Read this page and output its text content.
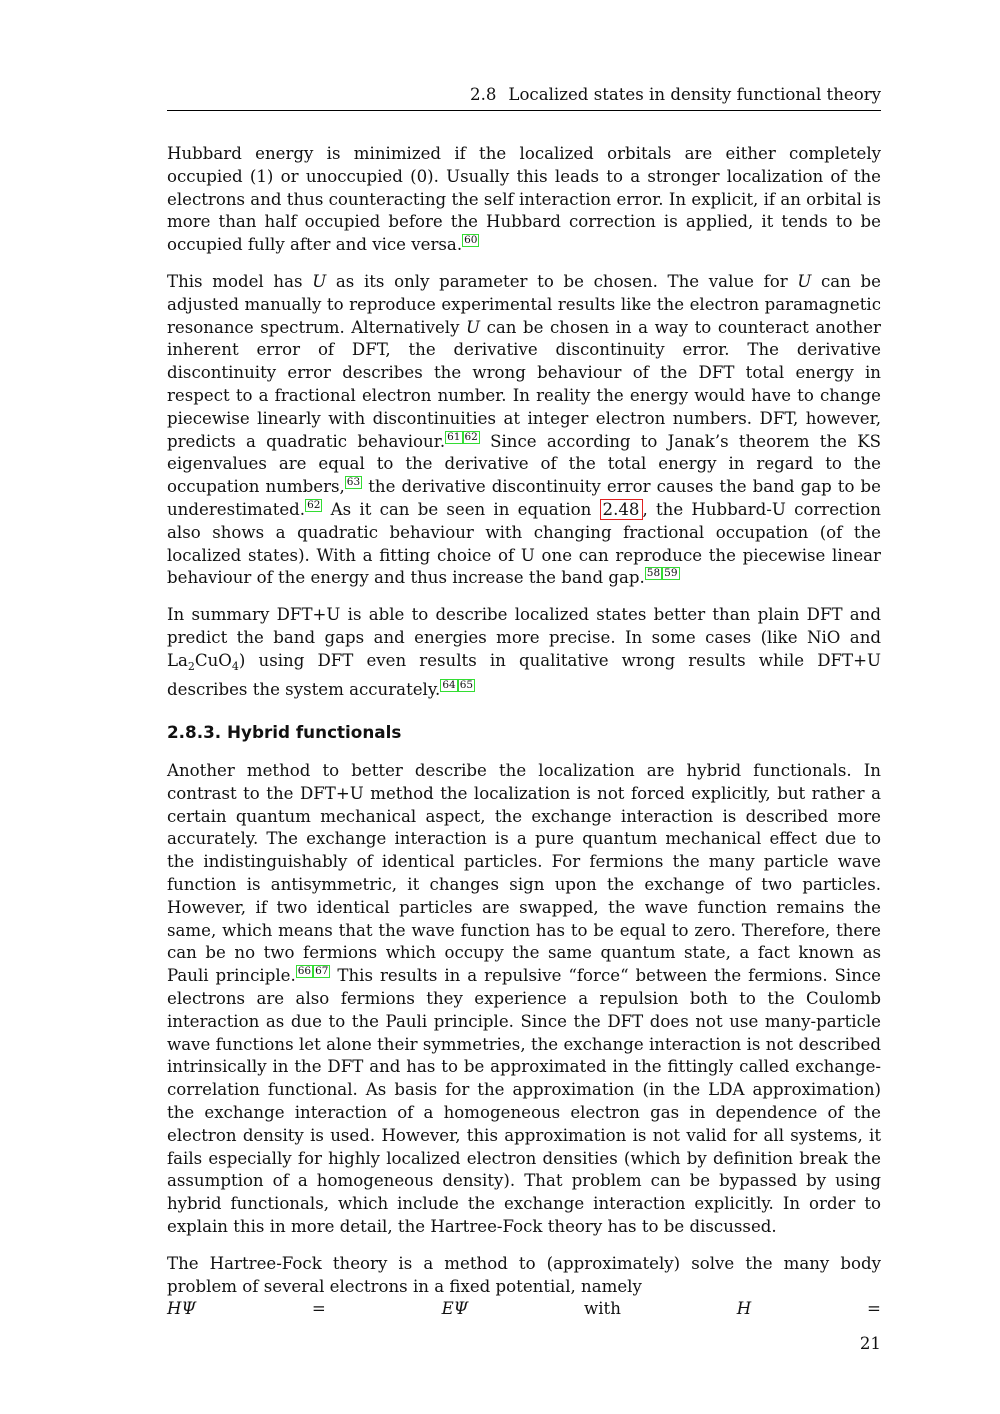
2.8 Localized states in density functional theory

Hubbard energy is minimized if the localized orbitals are either completely occupied (1) or unoccupied (0). Usually this leads to a stronger localization of the electrons and thus counteracting the self interaction error. In explicit, if an orbital is more than half occupied before the Hubbard correction is applied, it tends to be occupied fully after and vice versa. 60

This model has U as its only parameter to be chosen. The value for U can be adjusted manually to reproduce experimental results like the electron paramagnetic resonance spectrum. Alternatively U can be chosen in a way to counteract another inherent error of DFT, the derivative discontinuity error. The derivative discontinuity error describes the wrong behaviour of the DFT total energy in respect to a fractional electron number. In reality the energy would have to change piecewise linearly with discontinuities at integer electron numbers. DFT, however, predicts a quadratic behaviour. 61 62 Since according to Janak’s theorem the KS eigenvalues are equal to the derivative of the total energy in regard to the occupation numbers, 63 the derivative discontinuity error causes the band gap to be underestimated. 62 As it can be seen in equation 2.48 , the Hubbard-U correction also shows a quadratic behaviour with changing fractional occupation (of the localized states). With a fitting choice of U one can reproduce the piecewise linear behaviour of the energy and thus increase the band gap. 58 59

In summary DFT+U is able to describe localized states better than plain DFT and predict the band gaps and energies more precise. In some cases (like NiO and $La_2CuO_4$) using DFT even results in qualitative wrong results while DFT+U describes the system accurately. 64 65

2.8.3. Hybrid functionals

Another method to better describe the localization are hybrid functionals. In contrast to the DFT+U method the localization is not forced explicitly, but rather a certain quantum mechanical aspect, the exchange interaction is described more accurately. The exchange interaction is a pure quantum mechanical effect due to the indistinguishably of identical particles. For fermions the many particle wave function is antisymmetric, it changes sign upon the exchange of two particles. However, if two identical particles are swapped, the wave function remains the same, which means that the wave function has to be equal to zero. Therefore, there can be no two fermions which occupy the same quantum state, a fact known as Pauli principle. 66 67 This results in a repulsive “force“ between the fermions. Since electrons are also fermions they experience a repulsion both to the Coulomb interaction as due to the Pauli principle. Since the DFT does not use many-particle wave functions let alone their symmetries, the exchange interaction is not described intrinsically in the DFT and has to be approximated in the fittingly called exchange-correlation functional. As basis for the approximation (in the LDA approximation) the exchange interaction of a homogeneous electron gas in dependence of the electron density is used. However, this approximation is not valid for all systems, it fails especially for highly localized electron densities (which by definition break the assumption of a homogeneous density). That problem can be bypassed by using hybrid functionals, which include the exchange interaction explicitly. In order to explain this in more detail, the Hartree-Fock theory has to be discussed.

The Hartree-Fock theory is a method to (approximately) solve the many body problem of several electrons in a fixed potential, namely

HΨ	=	EΨ	with	H	=
21
